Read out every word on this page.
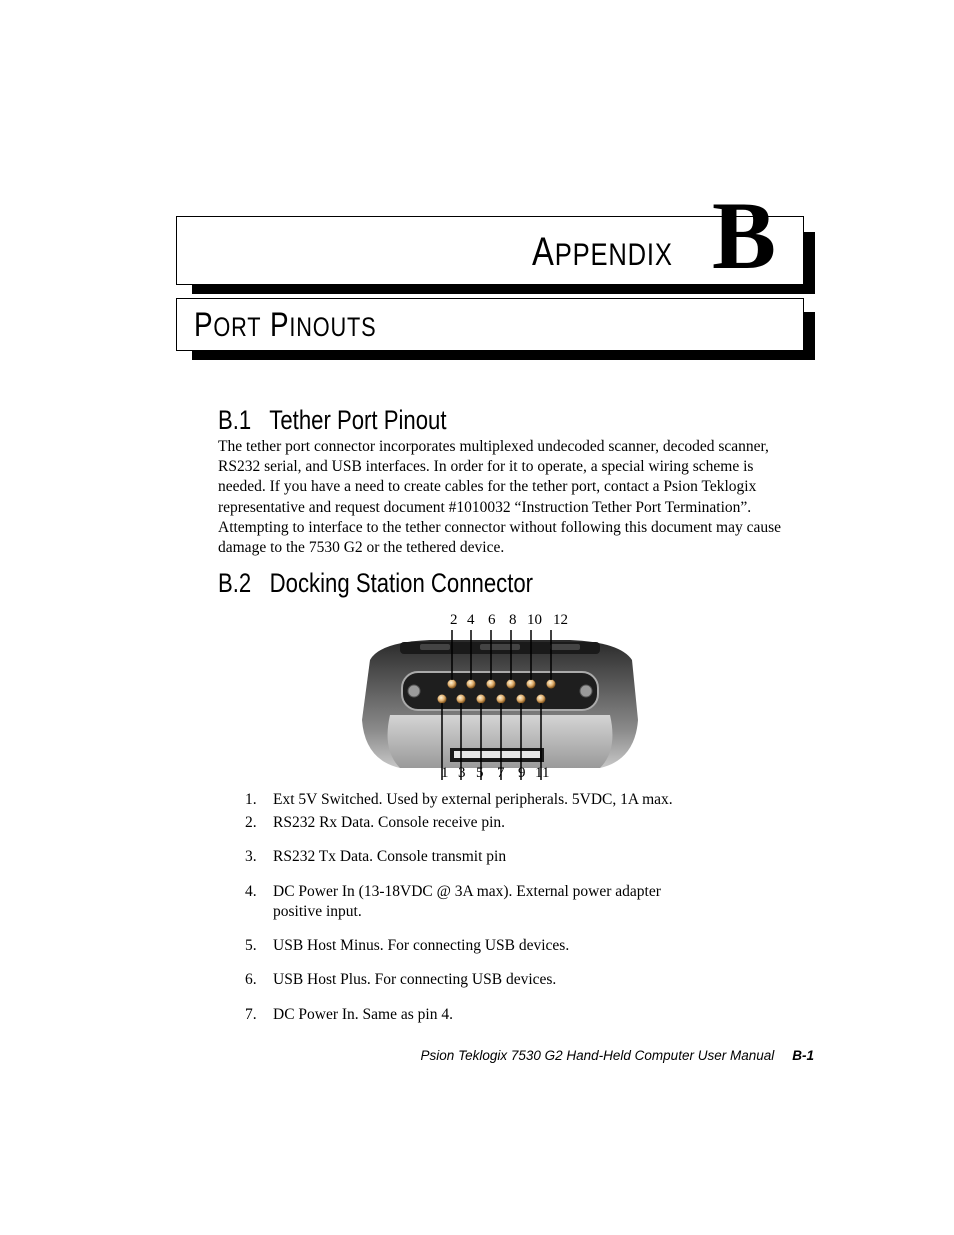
APPENDIX B
PORT PINOUTS
B.1   Tether Port Pinout
The tether port connector incorporates multiplexed undecoded scanner, decoded scanner, RS232 serial, and USB interfaces. In order for it to operate, a special wiring scheme is needed. If you have a need to create cables for the tether port, contact a Psion Teklogix representative and request document #1010032 “Instruction Tether Port Termination”. Attempting to interface to the tether connector without following this document may cause damage to the 7530 G2 or the tethered device.
B.2   Docking Station Connector
2 4 6 8 10 12
1 3 5 7 9 11
1.	Ext 5V Switched. Used by external peripherals. 5VDC, 1A max.
2.	RS232 Rx Data. Console receive pin.
3.	RS232 Tx Data. Console transmit pin
4.	DC Power In (13-18VDC @ 3A max). External power adapter positive input.
5.	USB Host Minus. For connecting USB devices.
6.	USB Host Plus. For connecting USB devices.
7.	DC Power In. Same as pin 4.
Psion Teklogix 7530 G2 Hand-Held Computer User Manual B-1
